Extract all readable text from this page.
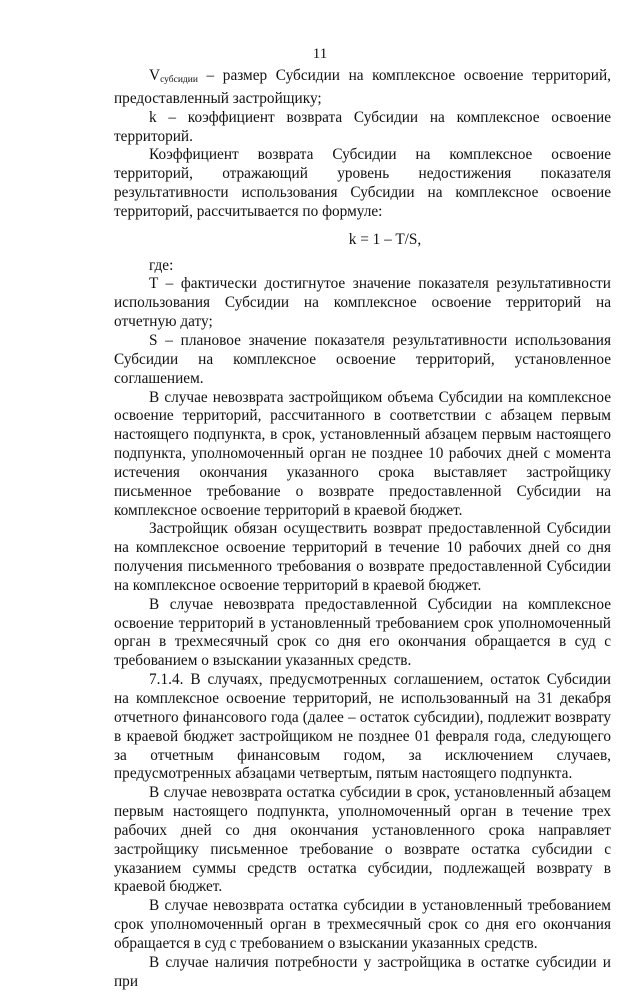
11

$V_{субсидии}$ – размер Субсидии на комплексное освоение территорий, предоставленный застройщику;

k – коэффициент возврата Субсидии на комплексное освоение территорий.

Коэффициент возврата Субсидии на комплексное освоение территорий, отражающий уровень недостижения показателя результативности использования Субсидии на комплексное освоение территорий, рассчитывается по формуле:

k = 1 – T/S,

где:

T – фактически достигнутое значение показателя результативности использования Субсидии на комплексное освоение территорий на отчетную дату;

S – плановое значение показателя результативности использования Субсидии на комплексное освоение территорий, установленное соглашением.

В случае невозврата застройщиком объема Субсидии на комплексное освоение территорий, рассчитанного в соответствии с абзацем первым настоящего подпункта, в срок, установленный абзацем первым настоящего подпункта, уполномоченный орган не позднее 10 рабочих дней с момента истечения окончания указанного срока выставляет застройщику письменное требование о возврате предоставленной Субсидии на комплексное освоение территорий в краевой бюджет.

Застройщик обязан осуществить возврат предоставленной Субсидии на комплексное освоение территорий в течение 10 рабочих дней со дня получения письменного требования о возврате предоставленной Субсидии на комплексное освоение территорий в краевой бюджет.

В случае невозврата предоставленной Субсидии на комплексное освоение территорий в установленный требованием срок уполномоченный орган в трехмесячный срок со дня его окончания обращается в суд с требованием о взыскании указанных средств.

7.1.4. В случаях, предусмотренных соглашением, остаток Субсидии на комплексное освоение территорий, не использованный на 31 декабря отчетного финансового года (далее – остаток субсидии), подлежит возврату в краевой бюджет застройщиком не позднее 01 февраля года, следующего за отчетным финансовым годом, за исключением случаев, предусмотренных абзацами четвертым, пятым настоящего подпункта.

В случае невозврата остатка субсидии в срок, установленный абзацем первым настоящего подпункта, уполномоченный орган в течение трех рабочих дней со дня окончания установленного срока направляет застройщику письменное требование о возврате остатка субсидии с указанием суммы средств остатка субсидии, подлежащей возврату в краевой бюджет.

В случае невозврата остатка субсидии в установленный требованием срок уполномоченный орган в трехмесячный срок со дня его окончания обращается в суд с требованием о взыскании указанных средств.

В случае наличия потребности у застройщика в остатке субсидии и при
